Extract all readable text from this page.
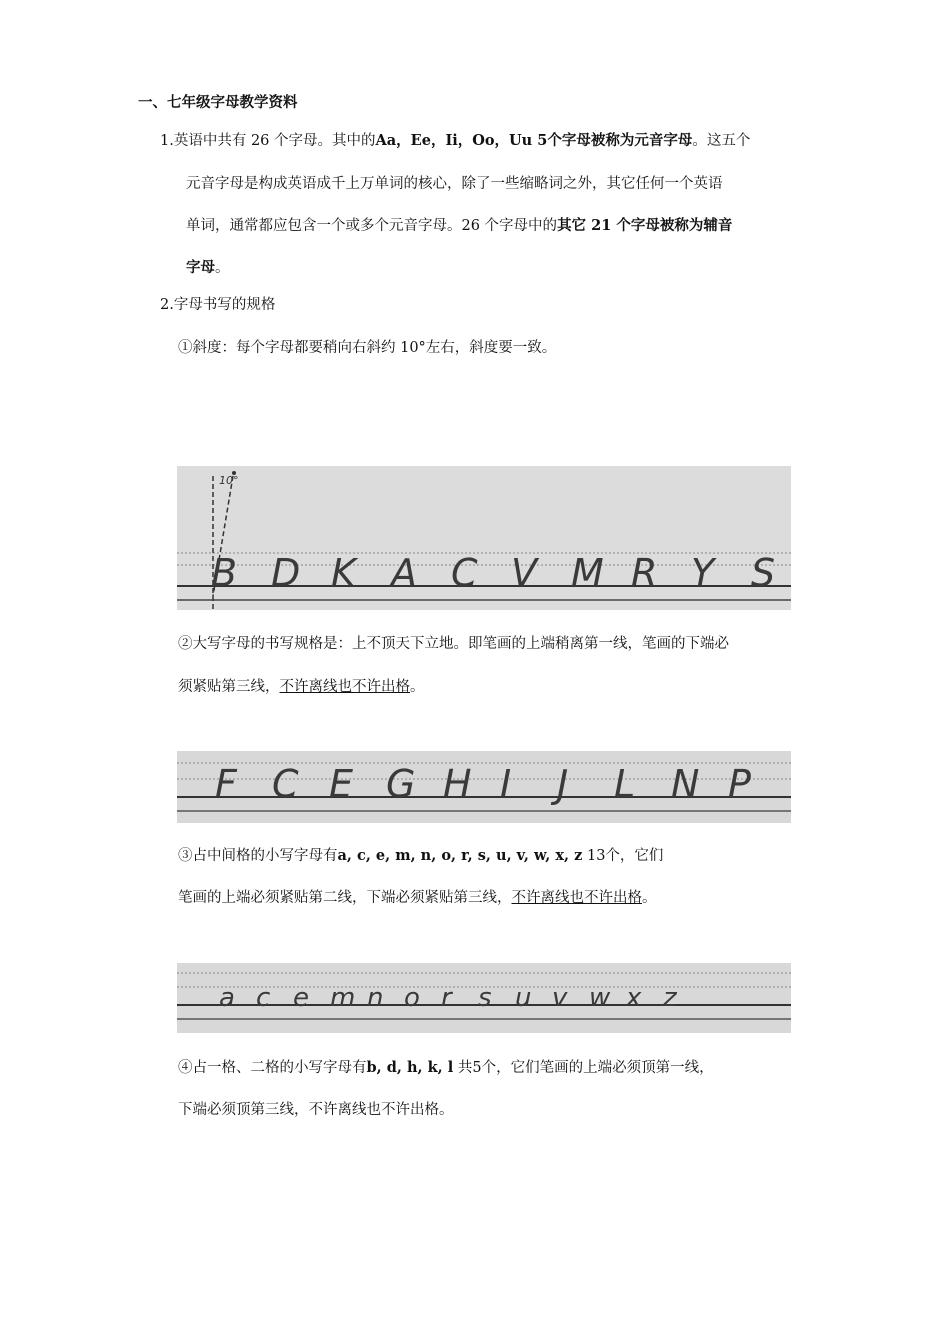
一、七年级字母教学资料
1.英语中共有 26 个字母。其中的Aa，Ee，Ii，Oo，Uu 5个字母被称为元音字母。这五个
元音字母是构成英语成千上万单词的核心，除了一些缩略词之外，其它任何一个英语
单词，通常都应包含一个或多个元音字母。26 个字母中的其它 21 个字母被称为辅音
字母。
2.字母书写的规格
①斜度：每个字母都要稍向右斜约 10°左右，斜度要一致。
10°
B D K A C V M R Y S
②大写字母的书写规格是：上不顶天下立地。即笔画的上端稍离第一线，笔画的下端必
须紧贴第三线，不许离线也不许出格。
F C E G H I J L N P
③占中间格的小写字母有a, c, e, m, n, o, r, s, u, v, w, x, z 13个，它们
笔画的上端必须紧贴第二线，下端必须紧贴第三线，不许离线也不许出格。
a c e m n o r s u v w x z
④占一格、二格的小写字母有b, d, h, k, l 共5个，它们笔画的上端必须顶第一线，
下端必须顶第三线，不许离线也不许出格。
